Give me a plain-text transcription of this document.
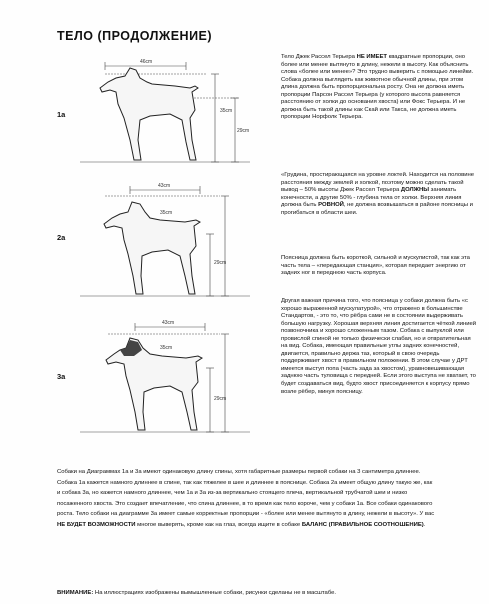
ТЕЛО (ПРОДОЛЖЕНИЕ)
46cm
35cm
29cm
43cm
35cm
29cm
43cm
35cm
29cm
1а
2а
3а
Тело Джек Рассел Терьера НЕ ИМЕЕТ квадратные пропорции, оно более или менее вытянуто в длину, нежели в высоту. Как объяснить слова «более или менее»? Это трудно выверить с помощью линейки. Собака должна выглядеть как животное обычной длины, при этом длина должна быть пропорциональна росту. Она не должна иметь пропорции Парсон Рассел Терьера (у которого высота равняется расстоянию от холки до основания хвоста) или Фокс Терьера. И не должна быть такой длины как Скай или Такса, не должна иметь пропорции Норфолк Терьера.
«Грудина, простирающаяся на уровне локтей. Находится на половине расстояния между землей и холкой, поэтому можно сделать такой вывод – 50% высоты Джек Рассел Терьера ДОЛЖНЫ занимать конечности, а другие 50% - глубина тела от холки. Верхняя линия должна быть РОВНОЙ, не должна возвышаться в районе поясницы и прогибаться в области шеи.
Поясница должна быть короткой, сильной и мускулистой, так как эта часть тела – «передающая станция», которая передает энергию от задних ног в переднюю часть корпуса.
Другая важная причина того, что поясница у собаки должна быть «с хорошо выраженной мускулатурой», что отражено в большинстве Стандартов, - это то, что рёбра сами не в состоянии выдерживать большую нагрузку. Хорошая верхняя линия достигается чёткой линией позвоночника и хорошо сложенным тазом. Собака с выпуклой или провислой спиной не только физически слабая, но и отвратительная на вид. Собака, имеющая правильные углы задних конечностей, двигается, правильно держа таз, который в свою очередь поддерживает хвост в правильном положении. В этом случае у ДРТ имеется выступ попа (часть зада за хвостом), уравновешивающая заднюю часть туловища с передней. Если этого выступа не хватает, то будет создаваться вид, будто хвост присоединяется к корпусу прямо возле рёбер, минуя поясницу.
Собаки на Диаграммах 1а и 3а имеют одинаковую длину спины, хотя габаритные размеры первой собаки на 3 сантиметра длиннее. Собака 1а кажется намного длиннее в спине, так как тяжелее в шее и длиннее в пояснице. Собака 2а имеет общую длину такую же, как и собака 3а, но кажется намного длиннее, чем 1а и 3а из-за вертикально стоящего плеча, вертикальной трубчатой шеи и низко посаженного хвоста. Это создает впечатление, что спина длиннее, в то время как тело короче, чем у собаки 1а. Все собаки одинакового роста. Тело собаки на диаграмме 3а имеет самые корректные пропорции - «более или менее вытянуто в длину, нежели в высоту». У вас НЕ БУДЕТ ВОЗМОЖНОСТИ многое выверять, кроме как на глаз, всегда ищите в собаке БАЛАНС (ПРАВИЛЬНОЕ СООТНОШЕНИЕ).
ВНИМАНИЕ: На иллюстрациях изображены вымышленные собаки, рисунки сделаны не в масштабе.
